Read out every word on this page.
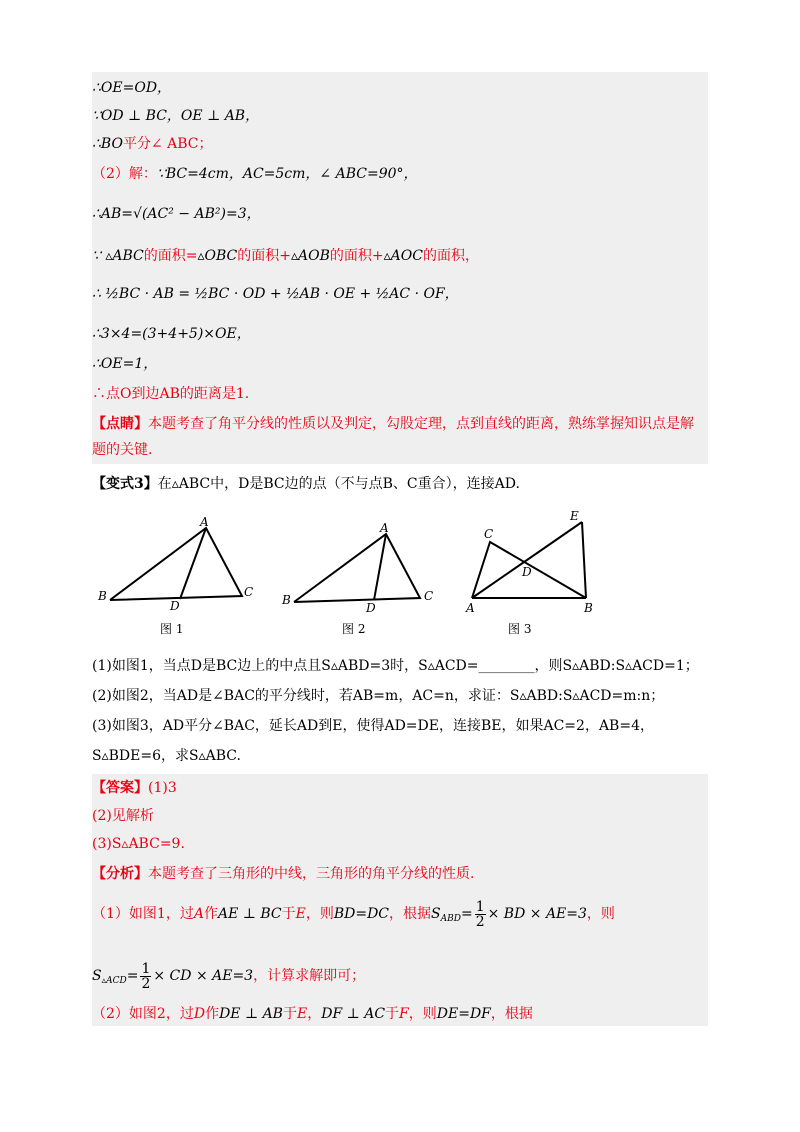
∴OE=OD，
∵OD ⊥ BC，OE ⊥ AB，
∴BO平分∠ ABC；
（2）解：∵BC=4cm，AC=5cm，∠ ABC=90°，
∴AB=√(AC² − AB²)=3，
∵ ▵ABC的面积=▵OBC的面积+▵AOB的面积+▵AOC的面积，
∴ ½BC · AB = ½BC · OD + ½AB · OE + ½AC · OF，
∴3×4=(3+4+5)×OE，
∴OE=1，
∴点O到边AB的距离是1.
【点睛】本题考查了角平分线的性质以及判定，勾股定理，点到直线的距离，熟练掌握知识点是解
题的关键.
【变式3】在▵ABC中，D是BC边的点（不与点B、C重合），连接AD.
A
B	C
D
图 1
A
B	C
D
图 2
C
E
D
A	B
图 3
(1)如图1，当点D是BC边上的中点且S▵ABD=3时，S▵ACD=________，则S▵ABD:S▵ACD=1；
(2)如图2，当AD是∠BAC的平分线时，若AB=m，AC=n，求证：S▵ABD:S▵ACD=m:n；
(3)如图3，AD平分∠BAC，延长AD到E，使得AD=DE，连接BE，如果AC=2，AB=4，
S▵BDE=6，求S▵ABC.
【答案】(1)3
(2)见解析
(3)S▵ABC=9.
【分析】本题考查了三角形的中线，三角形的角平分线的性质.
（1）如图1，过A作AE ⊥ BC于E，则BD=DC，根据$S_{ABD}= \frac{1}{2}$ × BD × AE=3，则
$S_{▵ACD}= \frac{1}{2}$ × CD × AE=3，计算求解即可；
（2）如图2，过D作DE ⊥ AB于E，DF ⊥ AC于F，则DE=DF，根据
